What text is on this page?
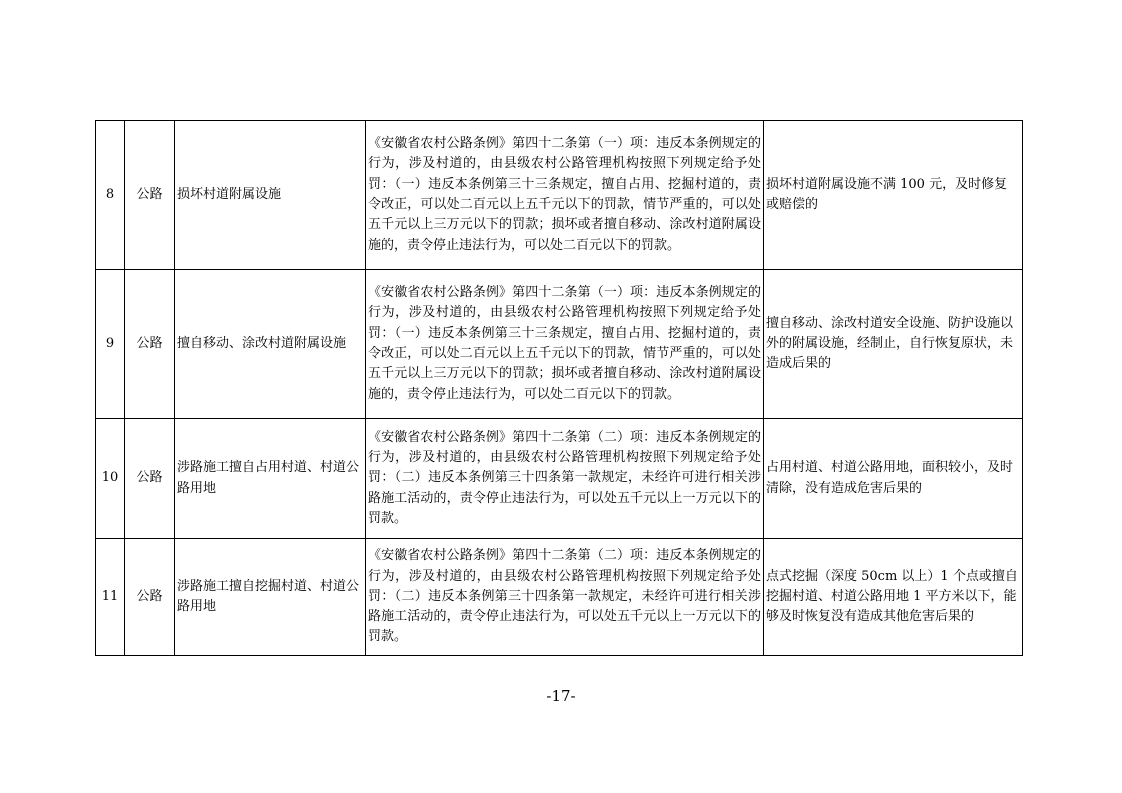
8	公路	损坏村道附属设施	《安徽省农村公路条例》第四十二条第（一）项：违反本条例规定的行为，涉及村道的，由县级农村公路管理机构按照下列规定给予处罚：（一）违反本条例第三十三条规定，擅自占用、挖掘村道的，责令改正，可以处二百元以上五千元以下的罚款，情节严重的，可以处五千元以上三万元以下的罚款；损坏或者擅自移动、涂改村道附属设施的，责令停止违法行为，可以处二百元以下的罚款。	损坏村道附属设施不满 100 元，及时修复或赔偿的
9	公路	擅自移动、涂改村道附属设施	《安徽省农村公路条例》第四十二条第（一）项：违反本条例规定的行为，涉及村道的，由县级农村公路管理机构按照下列规定给予处罚：（一）违反本条例第三十三条规定，擅自占用、挖掘村道的，责令改正，可以处二百元以上五千元以下的罚款，情节严重的，可以处五千元以上三万元以下的罚款；损坏或者擅自移动、涂改村道附属设施的，责令停止违法行为，可以处二百元以下的罚款。	擅自移动、涂改村道安全设施、防护设施以外的附属设施，经制止，自行恢复原状，未造成后果的
10	公路	涉路施工擅自占用村道、村道公路用地	《安徽省农村公路条例》第四十二条第（二）项：违反本条例规定的行为，涉及村道的，由县级农村公路管理机构按照下列规定给予处罚：（二）违反本条例第三十四条第一款规定，未经许可进行相关涉路施工活动的，责令停止违法行为，可以处五千元以上一万元以下的罚款。	占用村道、村道公路用地，面积较小，及时清除，没有造成危害后果的
11	公路	涉路施工擅自挖掘村道、村道公路用地	《安徽省农村公路条例》第四十二条第（二）项：违反本条例规定的行为，涉及村道的，由县级农村公路管理机构按照下列规定给予处罚：（二）违反本条例第三十四条第一款规定，未经许可进行相关涉路施工活动的，责令停止违法行为，可以处五千元以上一万元以下的罚款。	点式挖掘（深度 50cm 以上）1 个点或擅自挖掘村道、村道公路用地 1 平方米以下，能够及时恢复没有造成其他危害后果的
-17-
